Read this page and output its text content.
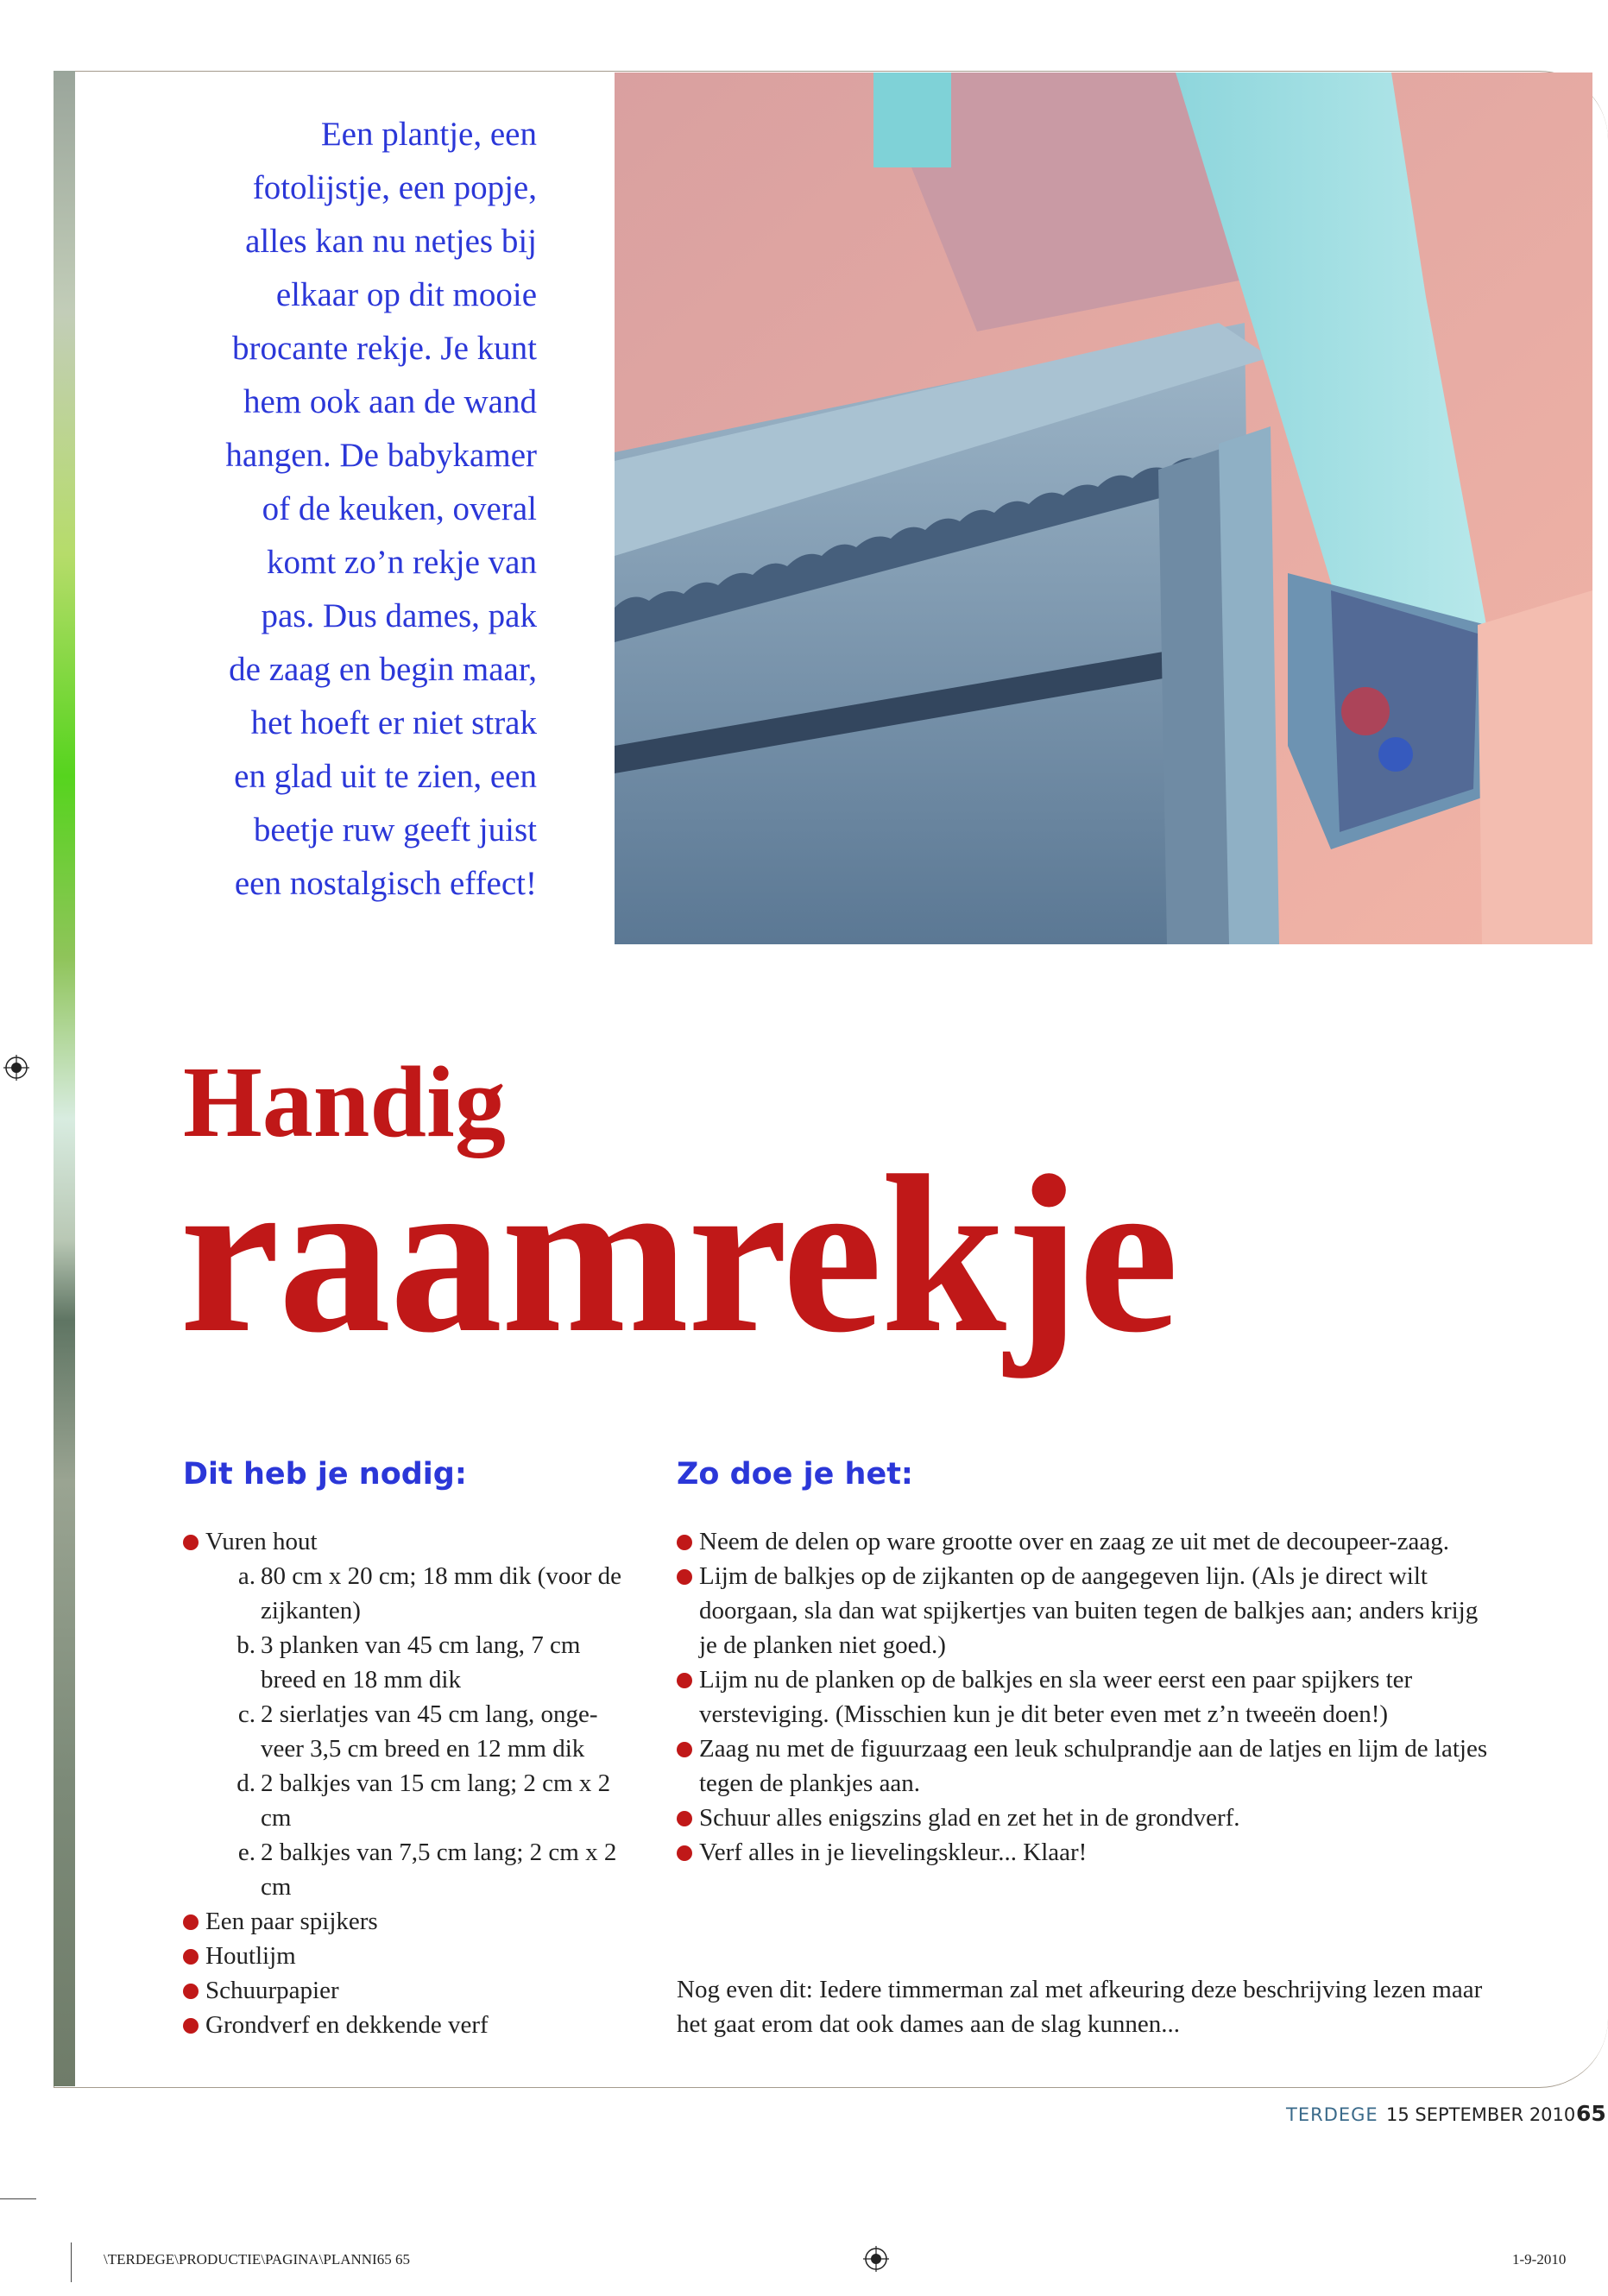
Een plantje, een
fotolijstje, een popje,
alles kan nu netjes bij
elkaar op dit mooie
brocante rekje. Je kunt
hem ook aan de wand
hangen. De babykamer
of de keuken, overal
komt zo’n rekje van
pas. Dus dames, pak
de zaag en begin maar,
het hoeft er niet strak
en glad uit te zien, een
beetje ruw geeft juist
een nostalgisch effect!
Handig
raamrekje
Dit heb je nodig:
Vuren hout
a. 80 cm x 20 cm; 18 mm dik (voor de zijkanten)
b. 3 planken van 45 cm lang, 7 cm breed en 18 mm dik
c. 2 sierlatjes van 45 cm lang, onge-veer 3,5 cm breed en 12 mm dik
d. 2 balkjes van 15 cm lang; 2 cm x 2 cm
e. 2 balkjes van 7,5 cm lang; 2 cm x 2 cm
Een paar spijkers
Houtlijm
Schuurpapier
Grondverf en dekkende verf
Zo doe je het:
Neem de delen op ware grootte over en zaag ze uit met de decoupeer-zaag.
Lijm de balkjes op de zijkanten op de aangegeven lijn. (Als je direct wilt doorgaan, sla dan wat spijkertjes van buiten tegen de balkjes aan; anders krijg je de planken niet goed.)
Lijm nu de planken op de balkjes en sla weer eerst een paar spijkers ter versteviging. (Misschien kun je dit beter even met z’n tweeën doen!)
Zaag nu met de figuurzaag een leuk schulprandje aan de latjes en lijm de latjes tegen de plankjes aan.
Schuur alles enigszins glad en zet het in de grondverf.
Verf alles in je lievelingskleur... Klaar!

Nog even dit: Iedere timmerman zal met afkeuring deze beschrijving lezen maar het gaat erom dat ook dames aan de slag kunnen...

TERDEGE 15 SEPTEMBER 2010 65
\TERDEGE\PRODUCTIE\PAGINA\PLANNI65 65	1-9-2010
